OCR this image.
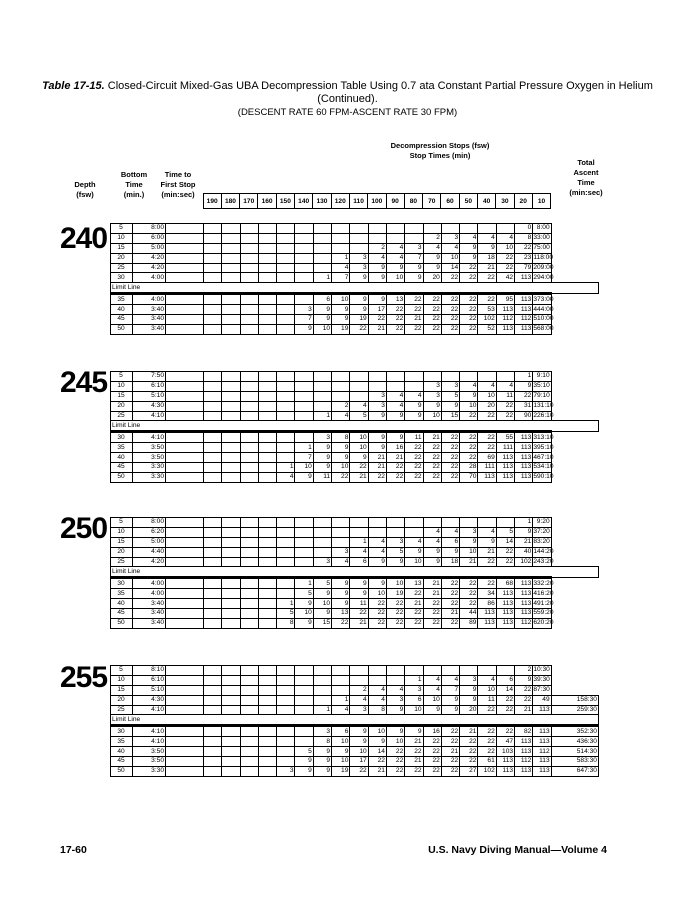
Table 17-15. Closed-Circuit Mixed-Gas UBA Decompression Table Using 0.7 ata Constant Partial Pressure Oxygen in Helium (Continued).
(DESCENT RATE 60 FPM-ASCENT RATE 30 FPM)
Decompression Stops (fsw)
Stop Times (min)
Depth
(fsw)
Bottom
Time
(min.)
Time to
First Stop
(min:sec)
Total
Ascent
Time
(min:sec)
	190	180	170	160	150	140	130	120	110	100	90	80	70	60	50	40	30	20	10	
240 5	8:00																			0	8:00
10	6:00														2	3	4	4	4	8	33:00
15	5:00											2	4	3	4	4	9	9	10	22	75:00
20	4:20									1	3	4	4	7	9	10	9	18	22	23	118:00
25	4:20									4	3	9	9	9	9	14	22	21	22	79	209:00
30	4:00								1	7	9	9	10	9	20	22	22	22	42	113	294:00
Limit Line																					
35	4:00								6	10	9	9	13	22	22	22	22	22	95	113	373:00
40	3:40							3	9	9	9	17	22	22	22	22	22	53	113	113	444:00
45	3:40							7	9	9	19	22	22	21	22	22	22	102	112	112	510:00
50	3:40							9	10	19	22	21	22	22	22	22	22	52	113	113	568:00
245 5	7:50																			1	9:10
10	6:10														3	3	4	4	4	9	35:10
15	5:10											3	4	4	3	5	9	10	11	22	79:10
20	4:30									2	4	3	4	9	9	9	10	20	22	31	131:10
25	4:10								1	4	5	9	9	9	10	15	22	22	22	90	226:10
Limit Line																					
30	4:10								3	8	10	9	9	11	21	22	22	22	55	113	313:10
35	3:50							1	9	9	10	9	16	22	22	22	22	22	111	113	395:10
40	3:50							7	9	9	9	21	21	22	22	22	22	69	113	113	467:10
45	3:30						1	10	9	10	22	21	22	22	22	22	28	111	113	113	534:10
50	3:30						4	9	11	22	21	22	22	22	22	22	70	113	113	113	590:10
250 5	8:00																			1	9:20
10	6:20														4	4	3	4	5	9	37:20
15	5:00										1	4	3	4	4	6	9	9	14	21	83:20
20	4:40									3	4	4	5	9	9	9	10	21	22	40	144:20
25	4:20								3	4	6	9	9	10	9	18	21	22	22	102	243:20
Limit Line																					
30	4:00							1	5	9	9	9	10	13	21	22	22	22	68	113	332:20
35	4:00							5	9	9	9	10	19	22	21	22	22	34	113	113	416:20
40	3:40						1	9	10	9	11	22	22	21	22	22	22	86	113	113	491:20
45	3:40						5	10	9	13	22	22	22	22	22	21	44	113	113	113	559:20
50	3:40						8	9	15	22	21	22	22	22	22	22	89	113	113	112	620:20
255 5	8:10																			2	10:30	
10	6:10													1	4	4	3	4	6	9	39:30	
15	5:10										2	4	4	3	4	7	9	10	14	22	87:30	
20	4:30									1	4	4	3	6	10	9	9	11	22	22	49	158:30
25	4:10								1	4	3	8	9	10	9	9	20	22	22	21	113	259:30
Limit Line																						
30	4:10								3	6	9	10	9	9	16	22	21	22	22	82	113	352:30
35	4:10								8	10	9	9	10	21	22	22	22	22	47	113	113	436:30
40	3:50							5	9	9	10	14	22	22	22	21	22	22	103	113	112	514:30
45	3:50							9	9	10	17	22	22	21	22	22	22	61	113	112	113	583:30
50	3:30						3	9	9	19	22	21	22	22	22	22	27	102	113	113	113	647:30
17-60	U.S. Navy Diving Manual—Volume 4
